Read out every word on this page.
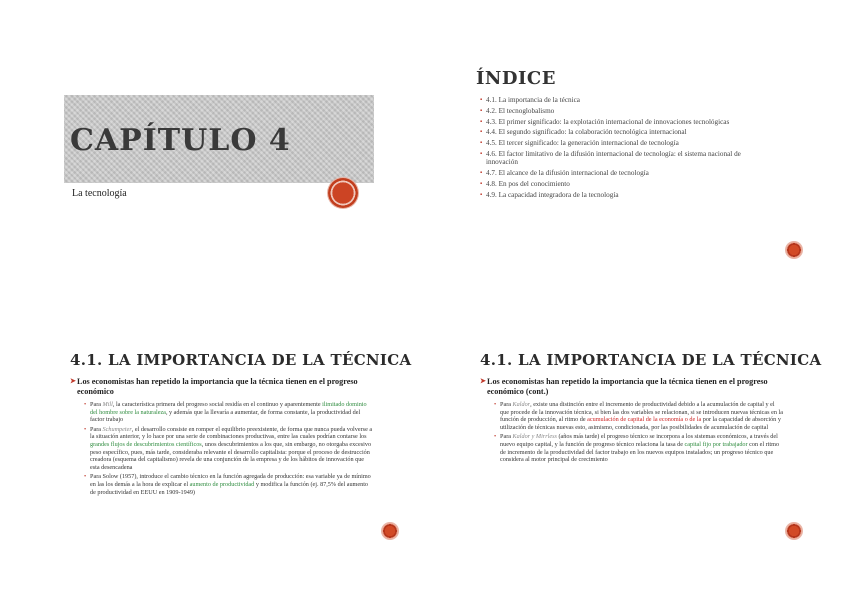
CAPÍTULO 4
La tecnología
ÍNDICE
▪ 4.1. La importancia de la técnica
▪ 4.2. El tecnoglobalismo
▪ 4.3. El primer significado: la explotación internacional de innovaciones tecnológicas
▪ 4.4. El segundo significado: la colaboración tecnológica internacional
▪ 4.5. El tercer significado: la generación internacional de tecnología
▪ 4.6. El factor limitativo de la difusión internacional de tecnología: el sistema nacional de innovación
▪ 4.7. El alcance de la difusión internacional de tecnología
▪ 4.8. En pos del conocimiento
▪ 4.9. La capacidad integradora de la tecnología
4.1. LA IMPORTANCIA DE LA TÉCNICA
➤ Los economistas han repetido la importancia que la técnica tienen en el progreso económico
• Para Mill, la característica primera del progreso social residía en el continuo y aparentemente ilimitado dominio del hombre sobre la naturaleza, y además que la llevaría a aumentar, de forma constante, la productividad del factor trabajo
• Para Schumpeter, el desarrollo consiste en romper el equilibrio preexistente, de forma que nunca pueda volverse a la situación anterior, y lo hace por una serie de combinaciones productivas, entre las cuales podrían contarse los grandes flujos de descubrimientos científicos, unos descubrimientos a los que, sin embargo, no otorgaba excesivo peso específico, pues, más tarde, consideraba relevante el desarrollo capitalista: porque el proceso de destrucción creadora (esquema del capitalismo) revela de una conjunción de la empresa y de los hábitos de innovación que esta desencadena
• Para Solow (1957), introduce el cambio técnico en la función agregada de producción: esa variable ya de mínimo en las los demás a la hora de explicar el aumento de productividad y modifica la función (ej. 87,5% del aumento de productividad en EEUU en 1909-1949)
4.1. LA IMPORTANCIA DE LA TÉCNICA
➤ Los economistas han repetido la importancia que la técnica tienen en el progreso económico (cont.)
• Para Kaldor, existe una distinción entre el incremento de productividad debido a la acumulación de capital y el que procede de la innovación técnica, si bien las dos variables se relacionan, si se introducen nuevas técnicas en la función de producción, al ritmo de acumulación de capital de la economía o de la por la capacidad de absorción y utilización de técnicas nuevas esto, asimismo, condicionada, por las posibilidades de acumulación de capital
• Para Kaldor y Mirrless (años más tarde) el progreso técnico se incorpora a los sistemas económicos, a través del nuevo equipo capital, y la función de progreso técnico relaciona la tasa de capital fijo por trabajador con el ritmo de incremento de la productividad del factor trabajo en los nuevos equipos instalados; un progreso técnico que considera al motor principal de crecimiento
